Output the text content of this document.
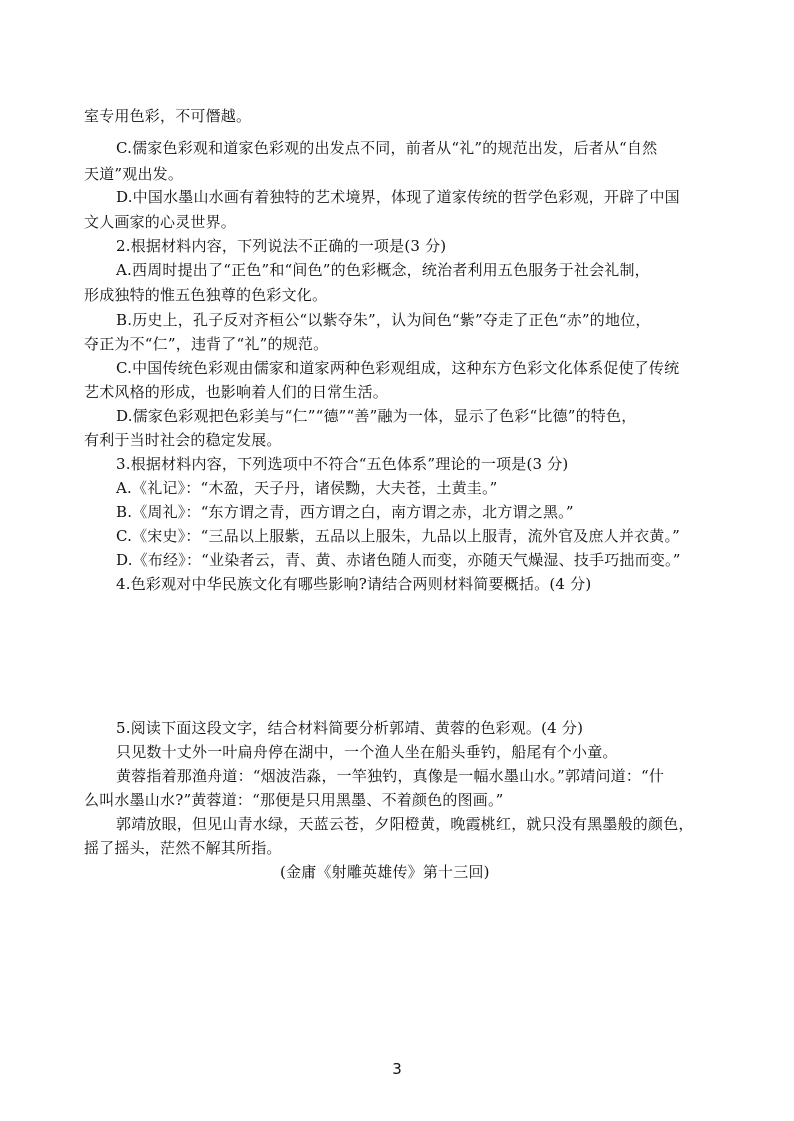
室专用色彩，不可僭越。
C.儒家色彩观和道家色彩观的出发点不同，前者从“礼”的规范出发，后者从“自然
天道”观出发。
D.中国水墨山水画有着独特的艺术境界，体现了道家传统的哲学色彩观，开辟了中国
文人画家的心灵世界。
2.根据材料内容，下列说法不正确的一项是(3 分)
A.西周时提出了“正色”和“间色”的色彩概念，统治者利用五色服务于社会礼制，
形成独特的惟五色独尊的色彩文化。
B.历史上，孔子反对齐桓公“以紫夺朱”，认为间色“紫”夺走了正色“赤”的地位，
夺正为不“仁”，违背了“礼”的规范。
C.中国传统色彩观由儒家和道家两种色彩观组成，这种东方色彩文化体系促使了传统
艺术风格的形成，也影响着人们的日常生活。
D.儒家色彩观把色彩美与“仁”“德”“善”融为一体，显示了色彩“比德”的特色，
有利于当时社会的稳定发展。
3.根据材料内容，下列选项中不符合“五色体系”理论的一项是(3 分)
A.《礼记》：“木盈，天子丹，诸侯黝，大夫苍，土黄圭。”
B.《周礼》：“东方谓之青，西方谓之白，南方谓之赤，北方谓之黑。”
C.《宋史》：“三品以上服紫，五品以上服朱，九品以上服青，流外官及庶人并衣黄。”
D.《布经》：“业染者云，青、黄、赤诸色随人而变，亦随天气燥湿、技手巧拙而变。”
4.色彩观对中华民族文化有哪些影响?请结合两则材料简要概括。(4 分)
5.阅读下面这段文字，结合材料简要分析郭靖、黄蓉的色彩观。(4 分)
只见数十丈外一叶扁舟停在湖中，一个渔人坐在船头垂钓，船尾有个小童。
黄蓉指着那渔舟道：“烟波浩淼，一竿独钓，真像是一幅水墨山水。”郭靖问道：“什
么叫水墨山水?”黄蓉道：“那便是只用黑墨、不着颜色的图画。”
郭靖放眼，但见山青水绿，天蓝云苍，夕阳橙黄，晚霞桃红，就只没有黑墨般的颜色，
摇了摇头，茫然不解其所指。
(金庸《射雕英雄传》第十三回)
3
